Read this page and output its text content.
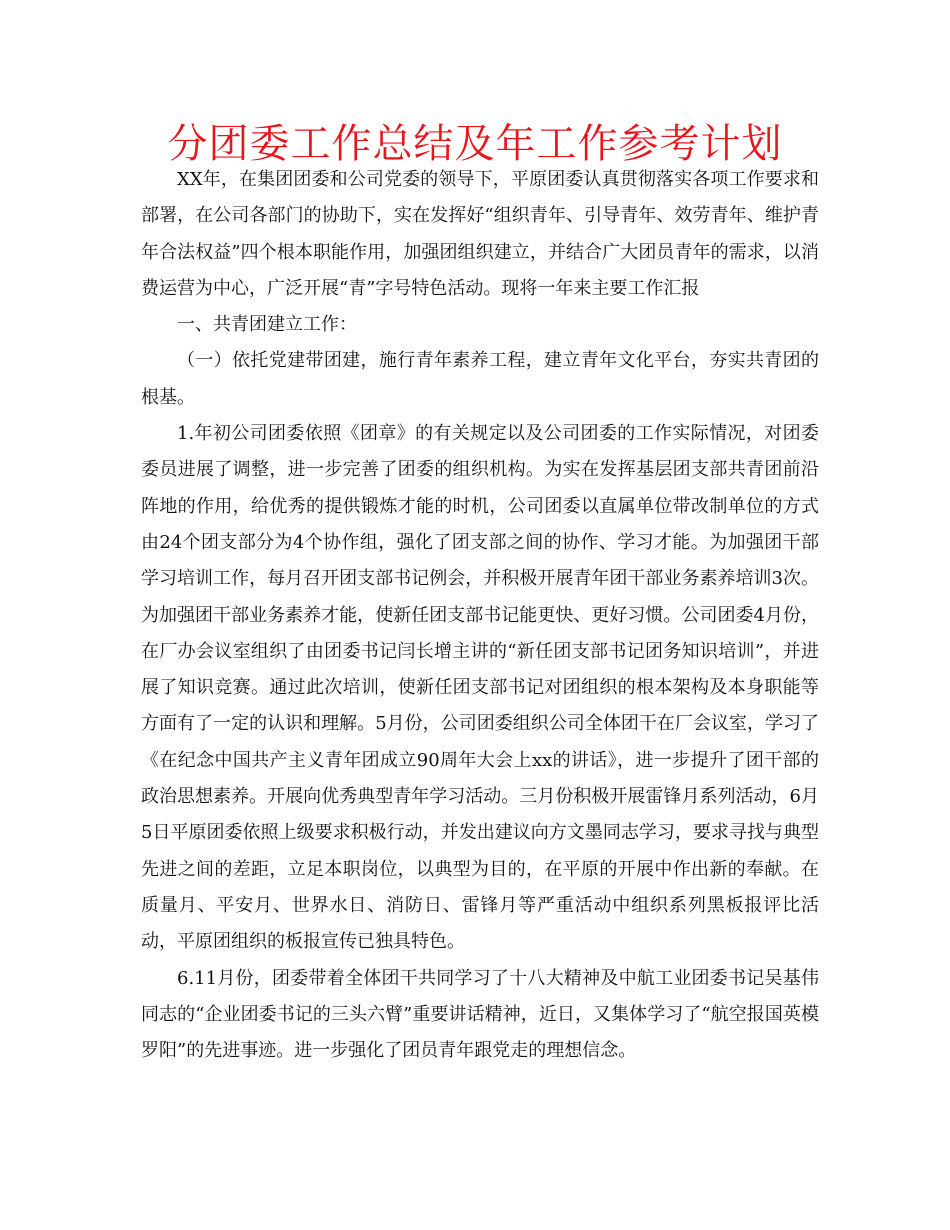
分团委工作总结及年工作参考计划

XX年，在集团团委和公司党委的领导下，平原团委认真贯彻落实各项工作要求和部署，在公司各部门的协助下，实在发挥好“组织青年、引导青年、效劳青年、维护青年合法权益”四个根本职能作用，加强团组织建立，并结合广大团员青年的需求，以消费运营为中心，广泛开展“青”字号特色活动。现将一年来主要工作汇报

一、共青团建立工作：

（一）依托党建带团建，施行青年素养工程，建立青年文化平台，夯实共青团的根基。

1.年初公司团委依照《团章》的有关规定以及公司团委的工作实际情况，对团委委员进展了调整，进一步完善了团委的组织机构。为实在发挥基层团支部共青团前沿阵地的作用，给优秀的提供锻炼才能的时机，公司团委以直属单位带改制单位的方式由24个团支部分为4个协作组，强化了团支部之间的协作、学习才能。为加强团干部学习培训工作，每月召开团支部书记例会，并积极开展青年团干部业务素养培训3次。为加强团干部业务素养才能，使新任团支部书记能更快、更好习惯。公司团委4月份，在厂办会议室组织了由团委书记闫长增主讲的“新任团支部书记团务知识培训”，并进展了知识竞赛。通过此次培训，使新任团支部书记对团组织的根本架构及本身职能等方面有了一定的认识和理解。5月份，公司团委组织公司全体团干在厂会议室，学习了《在纪念中国共产主义青年团成立90周年大会上xx的讲话》，进一步提升了团干部的政治思想素养。开展向优秀典型青年学习活动。三月份积极开展雷锋月系列活动，6月5日平原团委依照上级要求积极行动，并发出建议向方文墨同志学习，要求寻找与典型先进之间的差距，立足本职岗位，以典型为目的，在平原的开展中作出新的奉献。在质量月、平安月、世界水日、消防日、雷锋月等严重活动中组织系列黑板报评比活动，平原团组织的板报宣传已独具特色。

6.11月份，团委带着全体团干共同学习了十八大精神及中航工业团委书记吴基伟同志的“企业团委书记的三头六臂”重要讲话精神，近日，又集体学习了“航空报国英模罗阳”的先进事迹。进一步强化了团员青年跟党走的理想信念。
